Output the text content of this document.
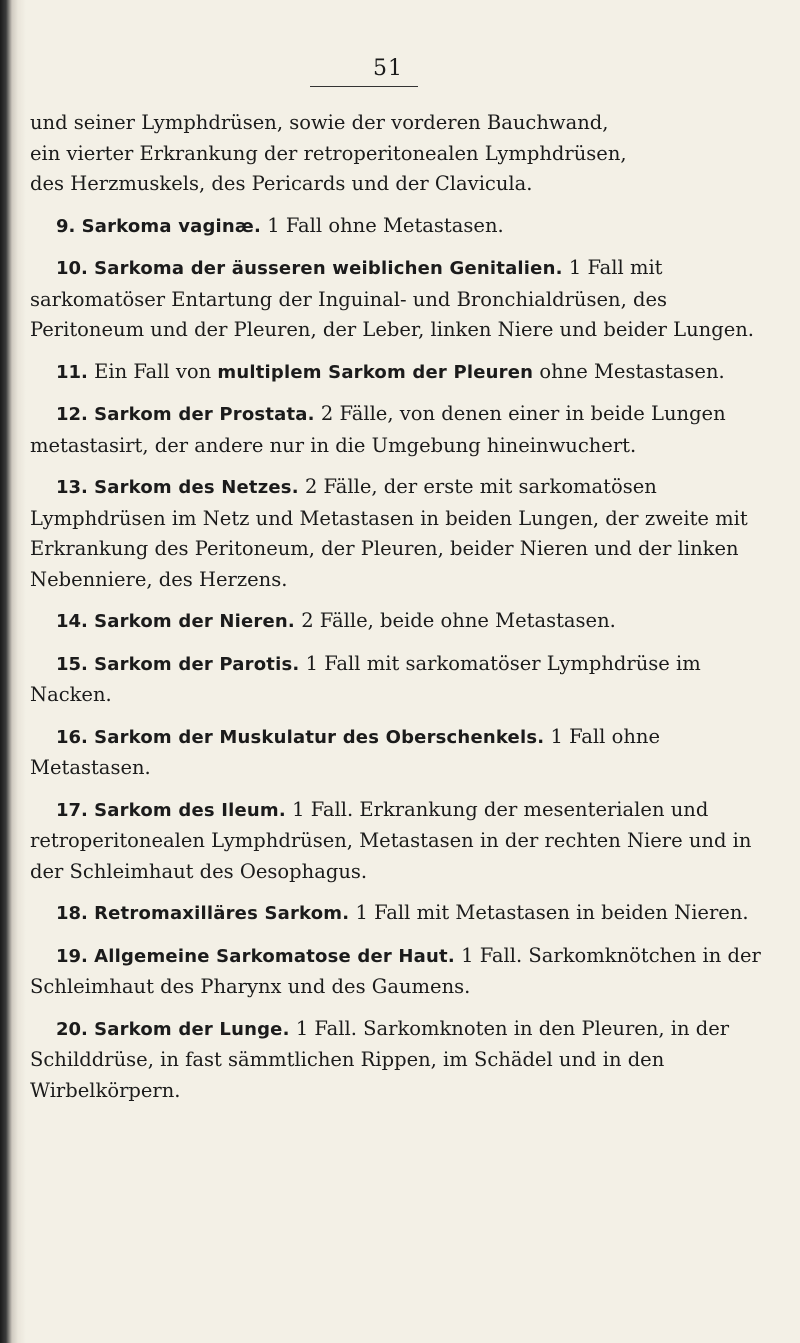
51

und seiner Lymphdrüsen, sowie der vorderen Bauchwand,
ein vierter Erkrankung der retroperitonealen Lymphdrüsen,
des Herzmuskels, des Pericards und der Clavicula.

9. Sarkoma vaginæ. 1 Fall ohne Metastasen.

10. Sarkoma der äusseren weiblichen Genitalien. 1 Fall mit sarkomatöser Entartung der Inguinal- und Bronchialdrüsen, des Peritoneum und der Pleuren, der Leber, linken Niere und beider Lungen.

11. Ein Fall von multiplem Sarkom der Pleuren ohne Mestastasen.

12. Sarkom der Prostata. 2 Fälle, von denen einer in beide Lungen metastasirt, der andere nur in die Umgebung hineinwuchert.

13. Sarkom des Netzes. 2 Fälle, der erste mit sarkomatösen Lymphdrüsen im Netz und Metastasen in beiden Lungen, der zweite mit Erkrankung des Peritoneum, der Pleuren, beider Nieren und der linken Nebenniere, des Herzens.

14. Sarkom der Nieren. 2 Fälle, beide ohne Metastasen.

15. Sarkom der Parotis. 1 Fall mit sarkomatöser Lymphdrüse im Nacken.

16. Sarkom der Muskulatur des Oberschenkels. 1 Fall ohne Metastasen.

17. Sarkom des Ileum. 1 Fall. Erkrankung der mesenterialen und retroperitonealen Lymphdrüsen, Metastasen in der rechten Niere und in der Schleimhaut des Oesophagus.

18. Retromaxilläres Sarkom. 1 Fall mit Metastasen in beiden Nieren.

19. Allgemeine Sarkomatose der Haut. 1 Fall. Sarkomknötchen in der Schleimhaut des Pharynx und des Gaumens.

20. Sarkom der Lunge. 1 Fall. Sarkomknoten in den Pleuren, in der Schilddrüse, in fast sämmtlichen Rippen, im Schädel und in den Wirbelkörpern.
